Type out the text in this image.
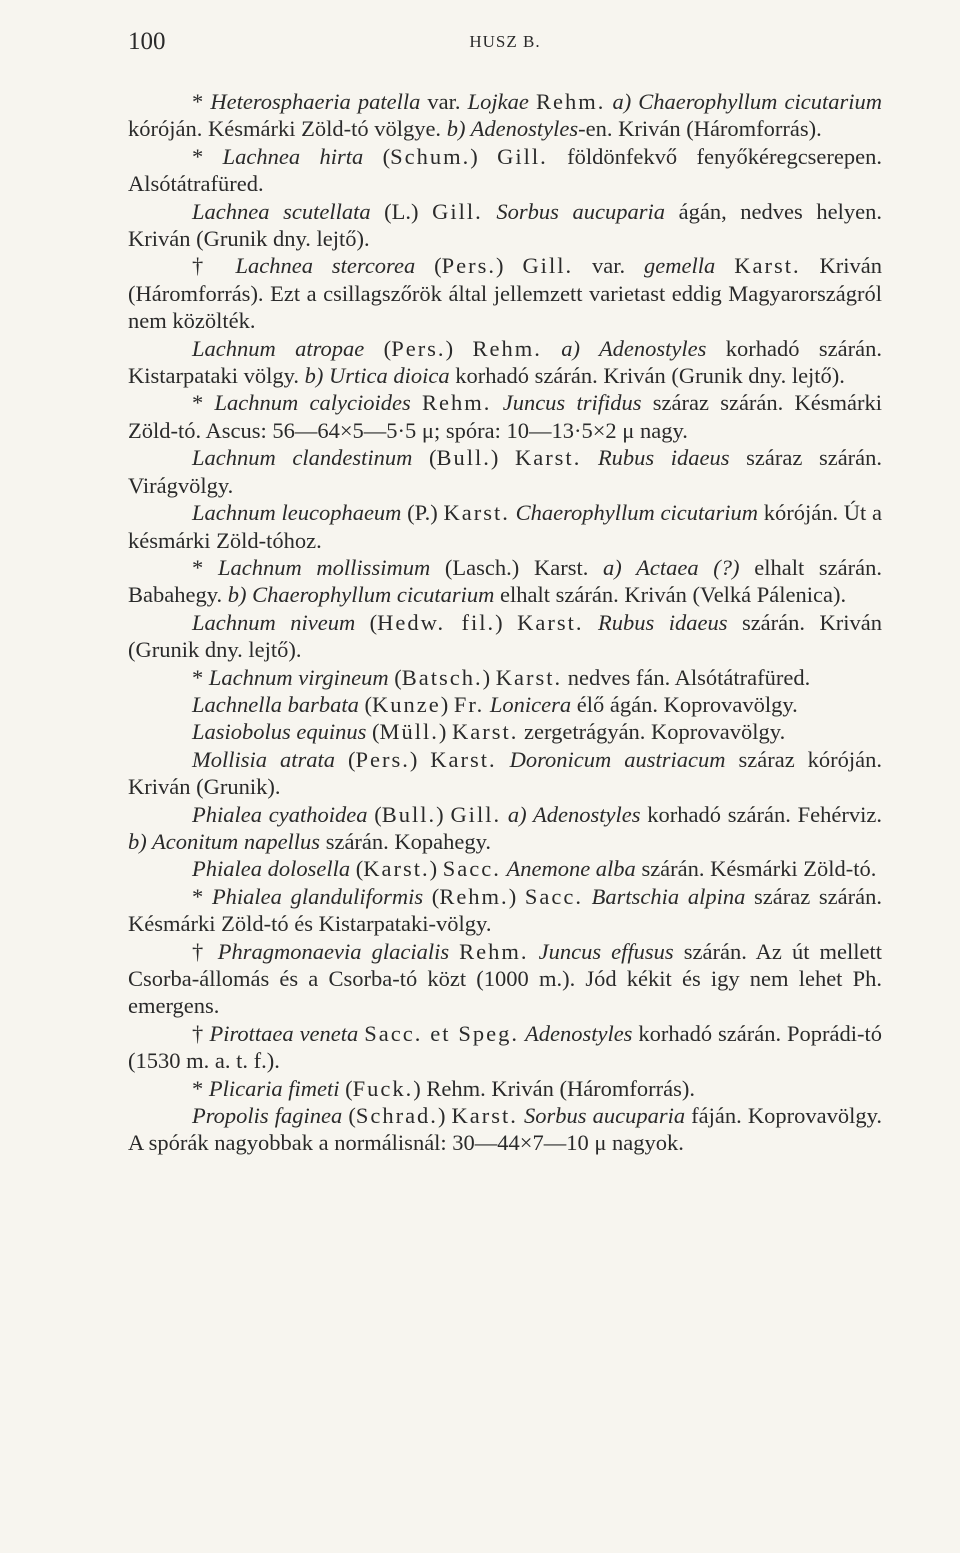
100	HUSZ B.

* Heterosphaeria patella var. Lojkae Rehm. a) Chaerophyllum cicutarium kóróján. Késmárki Zöld-tó völgye. b) Adenostyles-en. Kriván (Háromforrás).

* Lachnea hirta (Schum.) Gill. földönfekvő fenyőkéregcserepen. Alsótátrafüred.

Lachnea scutellata (L.) Gill. Sorbus aucuparia ágán, nedves helyen. Kriván (Grunik dny. lejtő).

† Lachnea stercorea (Pers.) Gill. var. gemella Karst. Kriván (Háromforrás). Ezt a csillagszőrök által jellemzett varietast eddig Magyarországról nem közölték.

Lachnum atropae (Pers.) Rehm. a) Adenostyles korhadó szárán. Kistarpataki völgy. b) Urtica dioica korhadó szárán. Kriván (Grunik dny. lejtő).

* Lachnum calycioides Rehm. Juncus trifidus száraz szárán. Késmárki Zöld-tó. Ascus: 56—64×5—5·5 μ; spóra: 10—13·5×2 μ nagy.

Lachnum clandestinum (Bull.) Karst. Rubus idaeus száraz szárán. Virágvölgy.

Lachnum leucophaeum (P.) Karst. Chaerophyllum cicutarium kóróján. Út a késmárki Zöld-tóhoz.

* Lachnum mollissimum (Lasch.) Karst. a) Actaea (?) elhalt szárán. Babahegy. b) Chaerophyllum cicutarium elhalt szárán. Kriván (Velká Pálenica).

Lachnum niveum (Hedw. fil.) Karst. Rubus idaeus szárán. Kriván (Grunik dny. lejtő).

* Lachnum virgineum (Batsch.) Karst. nedves fán. Alsótátrafüred.

Lachnella barbata (Kunze) Fr. Lonicera élő ágán. Koprovavölgy.

Lasiobolus equinus (Müll.) Karst. zergetrágyán. Koprovavölgy.

Mollisia atrata (Pers.) Karst. Doronicum austriacum száraz kóróján. Kriván (Grunik).

Phialea cyathoidea (Bull.) Gill. a) Adenostyles korhadó szárán. Fehérviz. b) Aconitum napellus szárán. Kopahegy.

Phialea dolosella (Karst.) Sacc. Anemone alba szárán. Késmárki Zöld-tó.

* Phialea glanduliformis (Rehm.) Sacc. Bartschia alpina száraz szárán. Késmárki Zöld-tó és Kistarpataki-völgy.

† Phragmonaevia glacialis Rehm. Juncus effusus szárán. Az út mellett Csorba-állomás és a Csorba-tó közt (1000 m.). Jód kékit és igy nem lehet Ph. emergens.

† Pirottaea veneta Sacc. et Speg. Adenostyles korhadó szárán. Poprádi-tó (1530 m. a. t. f.).

* Plicaria fimeti (Fuck.) Rehm. Kriván (Háromforrás).

Propolis faginea (Schrad.) Karst. Sorbus aucuparia fáján. Koprovavölgy. A spórák nagyobbak a normálisnál: 30—44×7—10 μ nagyok.
